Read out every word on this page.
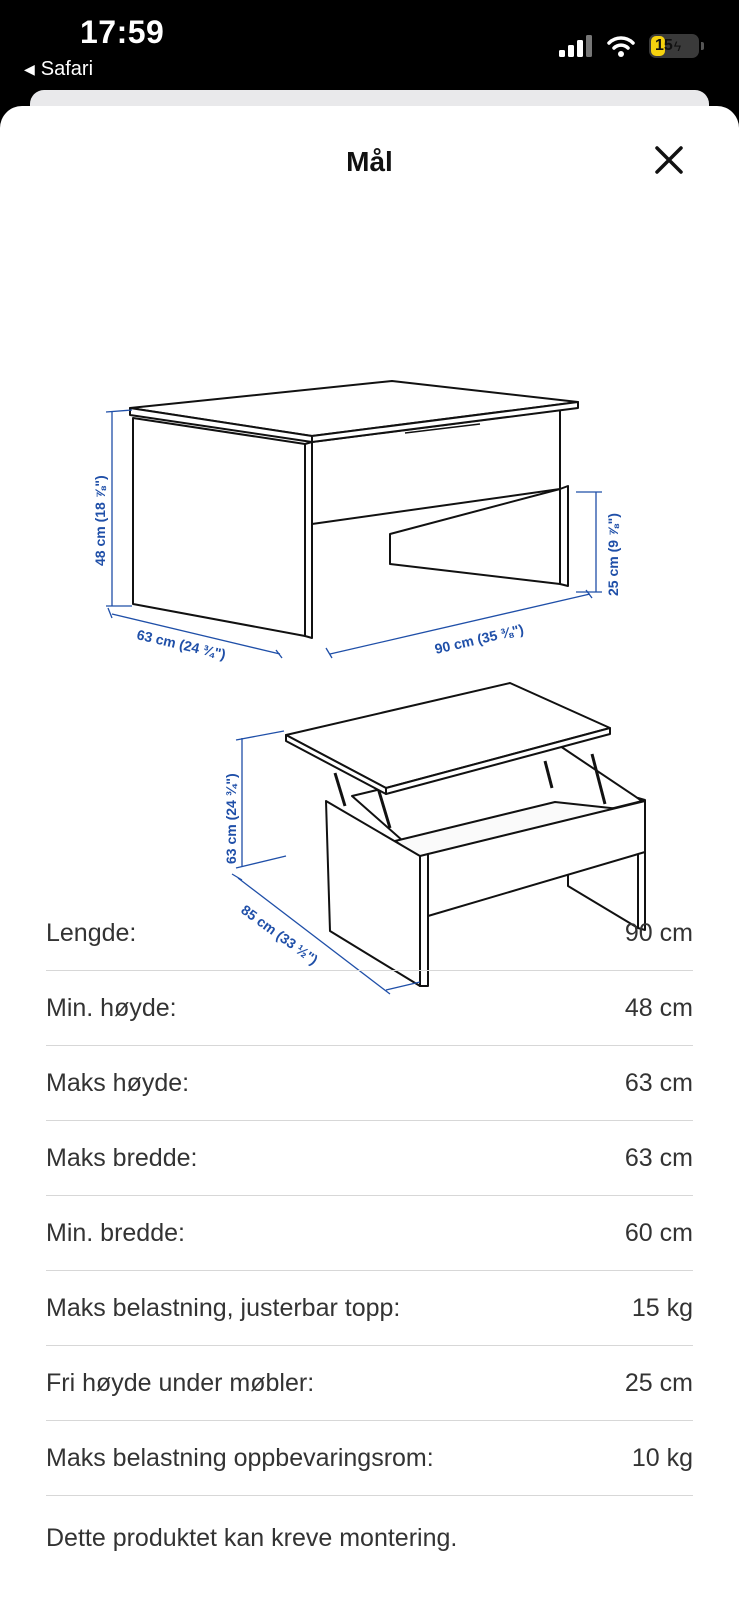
17:59
◀ Safari
15 ϟ
Mål
48 cm (18 ⅞")
63 cm (24 ¾")	90 cm (35 ⅜")
25 cm (9 ⅞")
63 cm (24 ¾")
85 cm (33 ½")
Lengde:	90 cm
Min. høyde:	48 cm
Maks høyde:	63 cm
Maks bredde:	63 cm
Min. bredde:	60 cm
Maks belastning, justerbar topp:	15 kg
Fri høyde under møbler:	25 cm
Maks belastning oppbevaringsrom:	10 kg
Dette produktet kan kreve montering.
